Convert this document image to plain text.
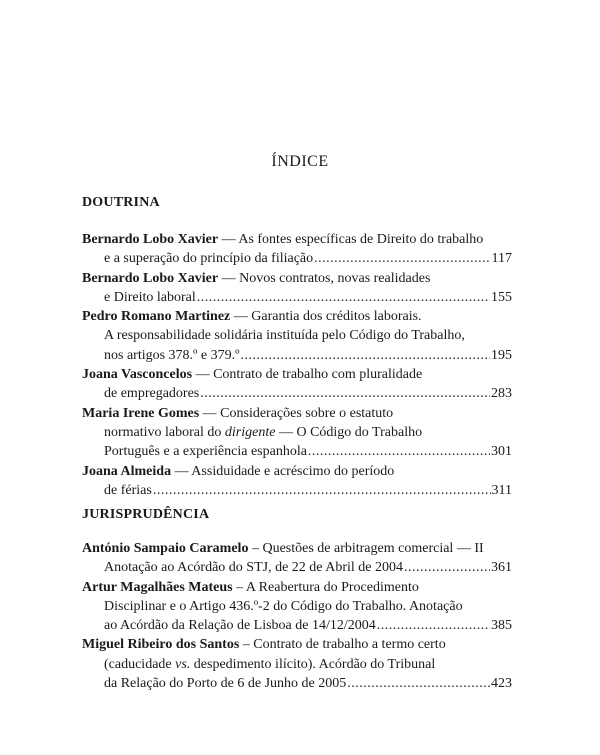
ÍNDICE
DOUTRINA
Bernardo Lobo Xavier — As fontes específicas de Direito do trabalho
e a superação do princípio da filiação .....	117
Bernardo Lobo Xavier — Novos contratos, novas realidades
e Direito laboral .....	155
Pedro Romano Martinez — Garantia dos créditos laborais.
A responsabilidade solidária instituída pelo Código do Trabalho,
nos artigos 378.º e 379.º .....	195
Joana Vasconcelos — Contrato de trabalho com pluralidade
de empregadores .....	283
Maria Irene Gomes — Considerações sobre o estatuto
normativo laboral do dirigente — O Código do Trabalho
Português e a experiência espanhola .....	301
Joana Almeida — Assiduidade e acréscimo do período
de férias .....	311
JURISPRUDÊNCIA
António Sampaio Caramelo – Questões de arbitragem comercial — II
Anotação ao Acórdão do STJ, de 22 de Abril de 2004 .....	361
Artur Magalhães Mateus – A Reabertura do Procedimento
Disciplinar e o Artigo 436.º-2 do Código do Trabalho. Anotação
ao Acórdão da Relação de Lisboa de 14/12/2004 .....	385
Miguel Ribeiro dos Santos – Contrato de trabalho a termo certo
(caducidade vs. despedimento ilícito). Acórdão do Tribunal
da Relação do Porto de 6 de Junho de 2005 .....	423
